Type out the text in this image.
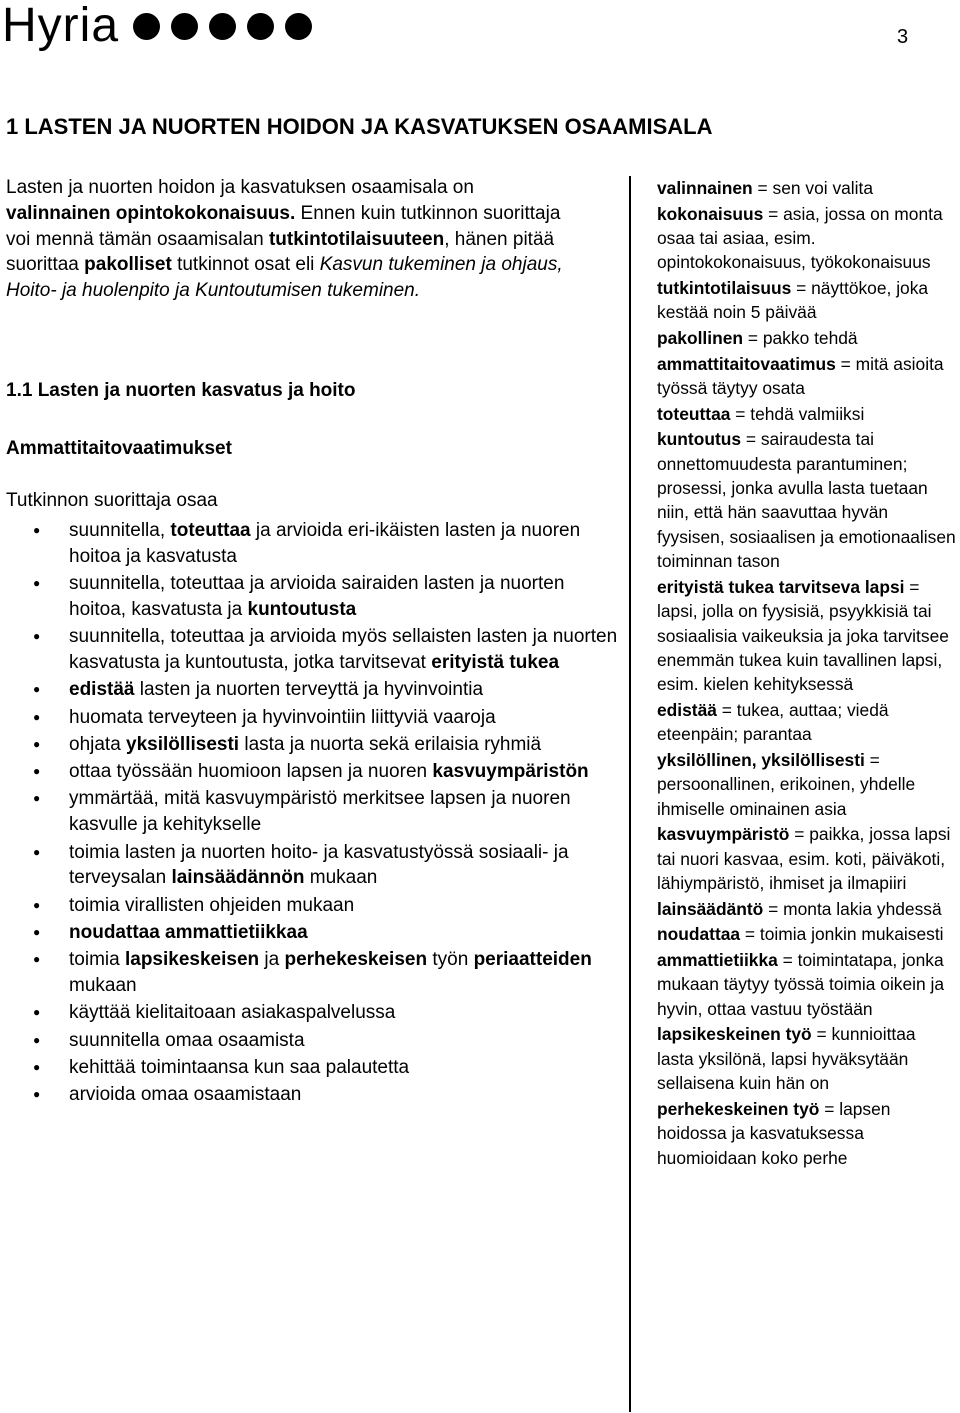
Hyria	3
1 LASTEN JA NUORTEN HOIDON JA KASVATUKSEN OSAAMISALA

Lasten ja nuorten hoidon ja kasvatuksen osaamisala on valinnainen opintokokonaisuus. Ennen kuin tutkinnon suorittaja voi mennä tämän osaamisalan tutkintotilaisuuteen, hänen pitää suorittaa pakolliset tutkinnot osat eli Kasvun tukeminen ja ohjaus, Hoito- ja huolenpito ja Kuntoutumisen tukeminen.

1.1 Lasten ja nuorten kasvatus ja hoito
Ammattitaitovaatimukset

Tutkinnon suorittaja osaa

● suunnitella, toteuttaa ja arvioida eri-ikäisten lasten ja nuoren hoitoa ja kasvatusta
● suunnitella, toteuttaa ja arvioida sairaiden lasten ja nuorten hoitoa, kasvatusta ja kuntoutusta
● suunnitella, toteuttaa ja arvioida myös sellaisten lasten ja nuorten kasvatusta ja kuntoutusta, jotka tarvitsevat erityistä tukea
● edistää lasten ja nuorten terveyttä ja hyvinvointia
● huomata terveyteen ja hyvinvointiin liittyviä vaaroja
● ohjata yksilöllisesti lasta ja nuorta sekä erilaisia ryhmiä
● ottaa työssään huomioon lapsen ja nuoren kasvuympäristön
● ymmärtää, mitä kasvuympäristö merkitsee lapsen ja nuoren kasvulle ja kehitykselle
● toimia lasten ja nuorten hoito- ja kasvatustyössä sosiaali- ja terveysalan lainsäädännön mukaan
● toimia virallisten ohjeiden mukaan
● noudattaa ammattietiikkaa
● toimia lapsikeskeisen ja perhekeskeisen työn periaatteiden mukaan
● käyttää kielitaitoaan asiakaspalvelussa
● suunnitella omaa osaamista
● kehittää toimintaansa kun saa palautetta
● arvioida omaa osaamistaan

valinnainen = sen voi valita

kokonaisuus = asia, jossa on monta osaa tai asiaa, esim. opintokokonaisuus, työkokonaisuus

tutkintotilaisuus = näyttökoe, joka kestää noin 5 päivää

pakollinen = pakko tehdä

ammattitaitovaatimus = mitä asioita työssä täytyy osata

toteuttaa = tehdä valmiiksi

kuntoutus = sairaudesta tai onnettomuudesta parantuminen; prosessi, jonka avulla lasta tuetaan niin, että hän saavuttaa hyvän fyysisen, sosiaalisen ja emotionaalisen toiminnan tason

erityistä tukea tarvitseva lapsi = lapsi, jolla on fyysisiä, psyykkisiä tai sosiaalisia vaikeuksia ja joka tarvitsee enemmän tukea kuin tavallinen lapsi, esim. kielen kehityksessä

edistää = tukea, auttaa; viedä eteenpäin; parantaa

yksilöllinen, yksilöllisesti = persoonallinen, erikoinen, yhdelle ihmiselle ominainen asia

kasvuympäristö = paikka, jossa lapsi tai nuori kasvaa, esim. koti, päiväkoti, lähiympäristö, ihmiset ja ilmapiiri

lainsäädäntö = monta lakia yhdessä

noudattaa = toimia jonkin mukaisesti

ammattietiikka = toimintatapa, jonka mukaan täytyy työssä toimia oikein ja hyvin, ottaa vastuu työstään

lapsikeskeinen työ = kunnioittaa lasta yksilönä, lapsi hyväksytään sellaisena kuin hän on

perhekeskeinen työ = lapsen hoidossa ja kasvatuksessa huomioidaan koko perhe
